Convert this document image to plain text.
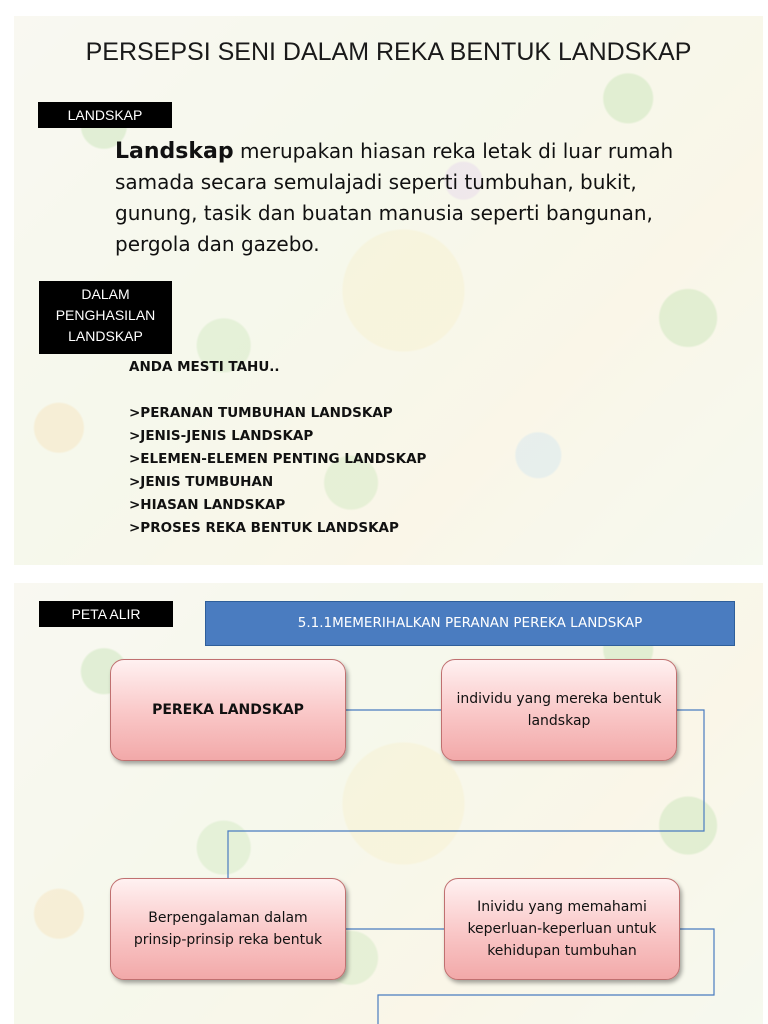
PERSEPSI SENI DALAM REKA BENTUK LANDSKAP
LANDSKAP

Landskap merupakan hiasan reka letak di luar rumah samada secara semulajadi seperti tumbuhan, bukit, gunung, tasik dan buatan manusia seperti bangunan, pergola dan gazebo.

DALAM
PENGHASILAN
LANDSKAP
ANDA MESTI TAHU..
>PERANAN TUMBUHAN LANDSKAP
>JENIS-JENIS LANDSKAP
>ELEMEN-ELEMEN PENTING LANDSKAP
>JENIS TUMBUHAN
>HIASAN LANDSKAP
>PROSES REKA BENTUK LANDSKAP
PETA ALIR
5.1.1MEMERIHALKAN PERANAN PEREKA LANDSKAP
PEREKA LANDSKAP
individu yang mereka bentuk landskap
Berpengalaman dalam prinsip-prinsip reka bentuk
Inividu yang memahami keperluan-keperluan untuk kehidupan tumbuhan
